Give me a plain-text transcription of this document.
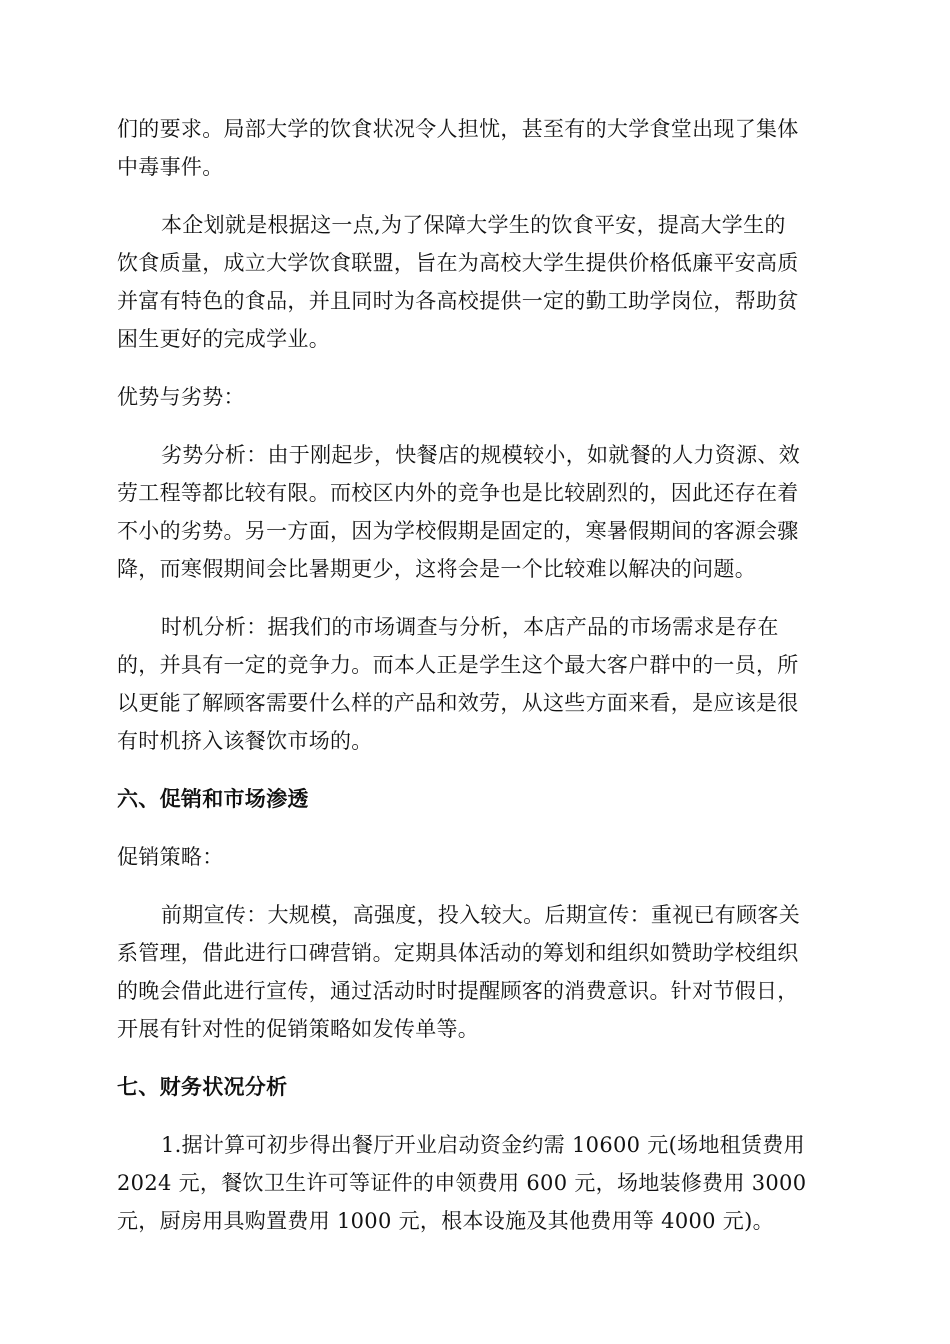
们的要求。局部大学的饮食状况令人担忧，甚至有的大学食堂出现了集体
中毒事件。
本企划就是根据这一点,为了保障大学生的饮食平安，提高大学生的
饮食质量，成立大学饮食联盟，旨在为高校大学生提供价格低廉平安高质
并富有特色的食品，并且同时为各高校提供一定的勤工助学岗位，帮助贫
困生更好的完成学业。
优势与劣势：
劣势分析：由于刚起步，快餐店的规模较小，如就餐的人力资源、效
劳工程等都比较有限。而校区内外的竞争也是比较剧烈的，因此还存在着
不小的劣势。另一方面，因为学校假期是固定的，寒暑假期间的客源会骤
降，而寒假期间会比暑期更少，这将会是一个比较难以解决的问题。
时机分析：据我们的市场调查与分析，本店产品的市场需求是存在
的，并具有一定的竞争力。而本人正是学生这个最大客户群中的一员，所
以更能了解顾客需要什么样的产品和效劳，从这些方面来看，是应该是很
有时机挤入该餐饮市场的。
六、促销和市场渗透
促销策略：
前期宣传：大规模，高强度，投入较大。后期宣传：重视已有顾客关
系管理，借此进行口碑营销。定期具体活动的筹划和组织如赞助学校组织
的晚会借此进行宣传，通过活动时时提醒顾客的消费意识。针对节假日，
开展有针对性的促销策略如发传单等。
七、财务状况分析
1.据计算可初步得出餐厅开业启动资金约需 10600 元(场地租赁费用
2024 元，餐饮卫生许可等证件的申领费用 600 元，场地装修费用 3000
元，厨房用具购置费用 1000 元，根本设施及其他费用等 4000 元)。
